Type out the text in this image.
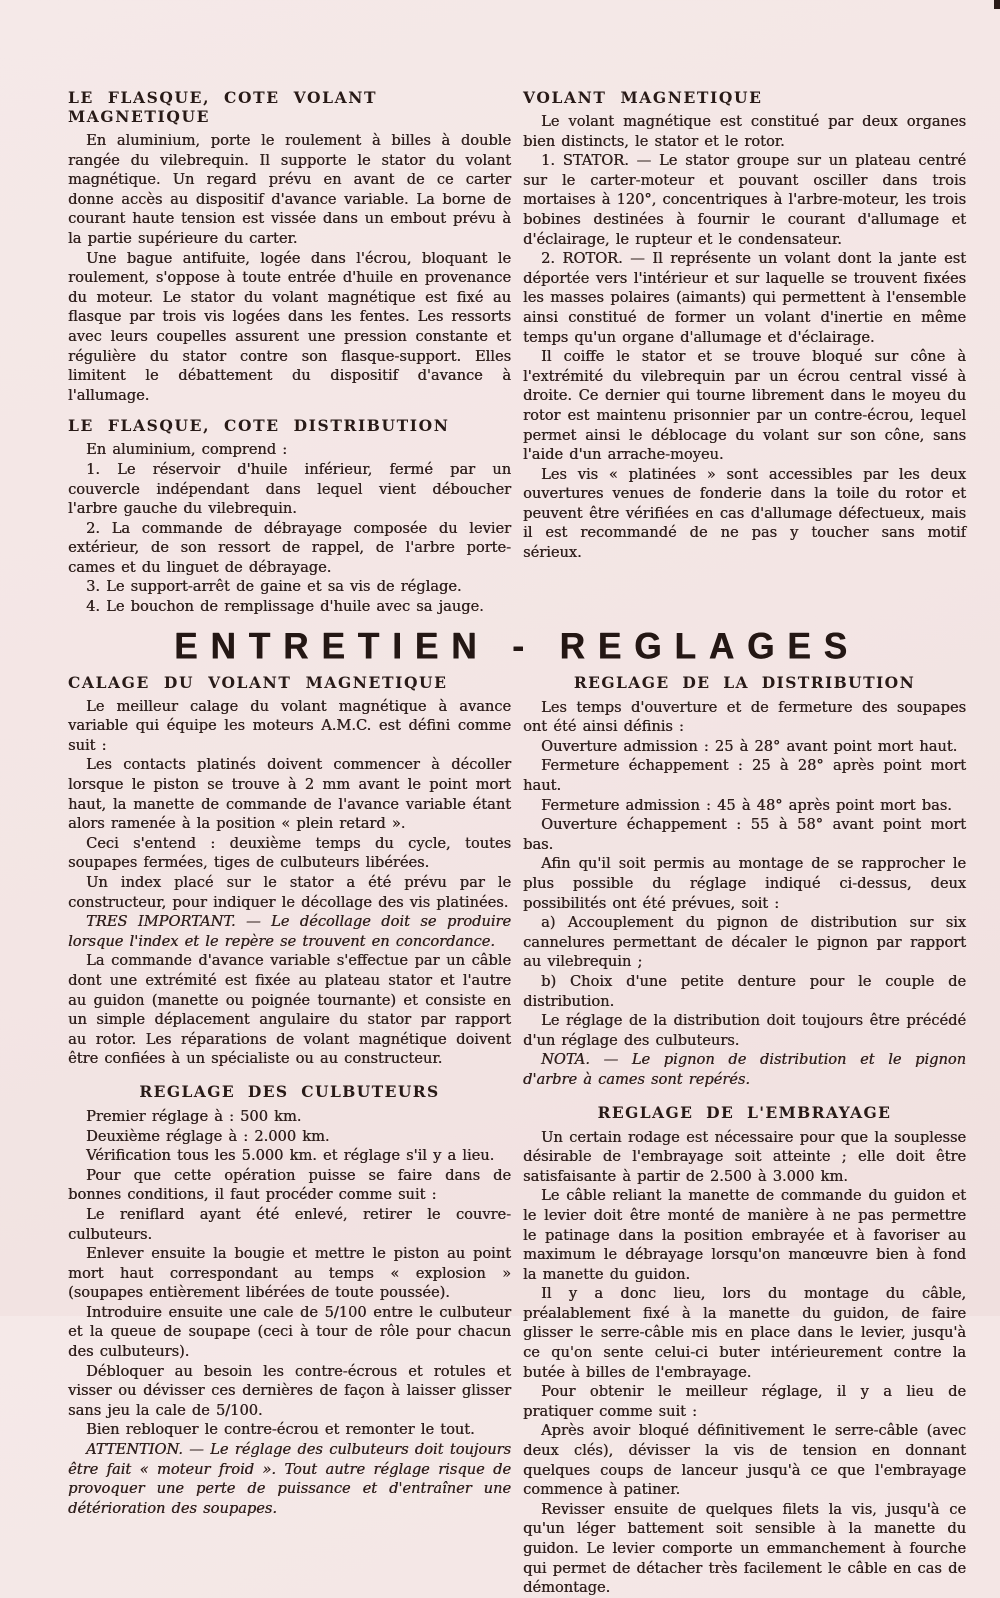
LE FLASQUE, COTE VOLANT MAGNETIQUE

En aluminium, porte le roulement à billes à double rangée du vilebrequin. Il supporte le stator du volant magnétique. Un regard prévu en avant de ce carter donne accès au dispositif d'avance variable. La borne de courant haute tension est vissée dans un embout prévu à la partie supérieure du carter.

Une bague antifuite, logée dans l'écrou, bloquant le roulement, s'oppose à toute entrée d'huile en provenance du moteur. Le stator du volant magnétique est fixé au flasque par trois vis logées dans les fentes. Les ressorts avec leurs coupelles assurent une pression constante et régulière du stator contre son flasque-support. Elles limitent le débattement du dispositif d'avance à l'allumage.

LE FLASQUE, COTE DISTRIBUTION

En aluminium, comprend :

1. Le réservoir d'huile inférieur, fermé par un couvercle indépendant dans lequel vient déboucher l'arbre gauche du vilebrequin.

2. La commande de débrayage composée du levier extérieur, de son ressort de rappel, de l'arbre porte-cames et du linguet de débrayage.

3. Le support-arrêt de gaine et sa vis de réglage.

4. Le bouchon de remplissage d'huile avec sa jauge.

VOLANT MAGNETIQUE

Le volant magnétique est constitué par deux organes bien distincts, le stator et le rotor.

1. STATOR. — Le stator groupe sur un plateau centré sur le carter-moteur et pouvant osciller dans trois mortaises à 120°, concentriques à l'arbre-moteur, les trois bobines destinées à fournir le courant d'allumage et d'éclairage, le rupteur et le condensateur.

2. ROTOR. — Il représente un volant dont la jante est déportée vers l'intérieur et sur laquelle se trouvent fixées les masses polaires (aimants) qui permettent à l'ensemble ainsi constitué de former un volant d'inertie en même temps qu'un organe d'allumage et d'éclairage.

Il coiffe le stator et se trouve bloqué sur cône à l'extrémité du vilebrequin par un écrou central vissé à droite. Ce dernier qui tourne librement dans le moyeu du rotor est maintenu prisonnier par un contre-écrou, lequel permet ainsi le déblocage du volant sur son cône, sans l'aide d'un arrache-moyeu.

Les vis « platinées » sont accessibles par les deux ouvertures venues de fonderie dans la toile du rotor et peuvent être vérifiées en cas d'allumage défectueux, mais il est recommandé de ne pas y toucher sans motif sérieux.

ENTRETIEN - REGLAGES
CALAGE DU VOLANT MAGNETIQUE

Le meilleur calage du volant magnétique à avance variable qui équipe les moteurs A.M.C. est défini comme suit :

Les contacts platinés doivent commencer à décoller lorsque le piston se trouve à 2 mm avant le point mort haut, la manette de commande de l'avance variable étant alors ramenée à la position « plein retard ».

Ceci s'entend : deuxième temps du cycle, toutes soupapes fermées, tiges de culbuteurs libérées.

Un index placé sur le stator a été prévu par le constructeur, pour indiquer le décollage des vis platinées.

TRES IMPORTANT. — Le décollage doit se produire lorsque l'index et le repère se trouvent en concordance.

La commande d'avance variable s'effectue par un câble dont une extrémité est fixée au plateau stator et l'autre au guidon (manette ou poignée tournante) et consiste en un simple déplacement angulaire du stator par rapport au rotor. Les réparations de volant magnétique doivent être confiées à un spécialiste ou au constructeur.

REGLAGE DES CULBUTEURS

Premier réglage à : 500 km.

Deuxième réglage à : 2.000 km.

Vérification tous les 5.000 km. et réglage s'il y a lieu.

Pour que cette opération puisse se faire dans de bonnes conditions, il faut procéder comme suit :

Le reniflard ayant été enlevé, retirer le couvre-culbuteurs.

Enlever ensuite la bougie et mettre le piston au point mort haut correspondant au temps « explosion » (soupapes entièrement libérées de toute poussée).

Introduire ensuite une cale de 5/100 entre le culbuteur et la queue de soupape (ceci à tour de rôle pour chacun des culbuteurs).

Débloquer au besoin les contre-écrous et rotules et visser ou dévisser ces dernières de façon à laisser glisser sans jeu la cale de 5/100.

Bien rebloquer le contre-écrou et remonter le tout.

ATTENTION. — Le réglage des culbuteurs doit toujours être fait « moteur froid ». Tout autre réglage risque de provoquer une perte de puissance et d'entraîner une détérioration des soupapes.

REGLAGE DE LA DISTRIBUTION

Les temps d'ouverture et de fermeture des soupapes ont été ainsi définis :

Ouverture admission : 25 à 28° avant point mort haut.

Fermeture échappement : 25 à 28° après point mort haut.

Fermeture admission : 45 à 48° après point mort bas.

Ouverture échappement : 55 à 58° avant point mort bas.

Afin qu'il soit permis au montage de se rapprocher le plus possible du réglage indiqué ci-dessus, deux possibilités ont été prévues, soit :

a) Accouplement du pignon de distribution sur six cannelures permettant de décaler le pignon par rapport au vilebrequin ;

b) Choix d'une petite denture pour le couple de distribution.

Le réglage de la distribution doit toujours être précédé d'un réglage des culbuteurs.

NOTA. — Le pignon de distribution et le pignon d'arbre à cames sont repérés.

REGLAGE DE L'EMBRAYAGE

Un certain rodage est nécessaire pour que la souplesse désirable de l'embrayage soit atteinte ; elle doit être satisfaisante à partir de 2.500 à 3.000 km.

Le câble reliant la manette de commande du guidon et le levier doit être monté de manière à ne pas permettre le patinage dans la position embrayée et à favoriser au maximum le débrayage lorsqu'on manœuvre bien à fond la manette du guidon.

Il y a donc lieu, lors du montage du câble, préalablement fixé à la manette du guidon, de faire glisser le serre-câble mis en place dans le levier, jusqu'à ce qu'on sente celui-ci buter intérieurement contre la butée à billes de l'embrayage.

Pour obtenir le meilleur réglage, il y a lieu de pratiquer comme suit :

Après avoir bloqué définitivement le serre-câble (avec deux clés), dévisser la vis de tension en donnant quelques coups de lanceur jusqu'à ce que l'embrayage commence à patiner.

Revisser ensuite de quelques filets la vis, jusqu'à ce qu'un léger battement soit sensible à la manette du guidon. Le levier comporte un emmanchement à fourche qui permet de détacher très facilement le câble en cas de démontage.
